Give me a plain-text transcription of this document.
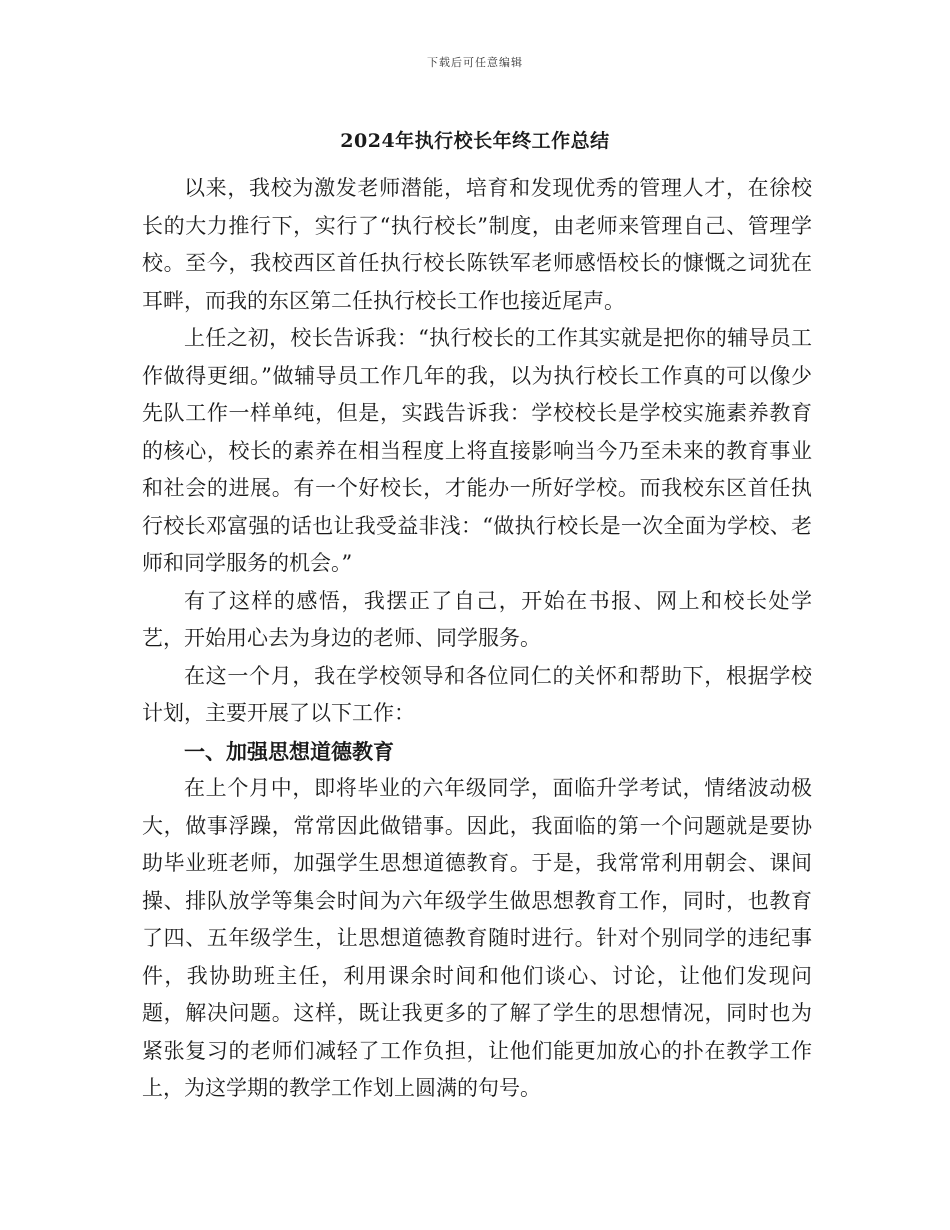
下载后可任意编辑
2024年执行校长年终工作总结

以来，我校为激发老师潜能，培育和发现优秀的管理人才，在徐校长的大力推行下，实行了“执行校长”制度，由老师来管理自己、管理学校。至今，我校西区首任执行校长陈铁军老师感悟校长的慷慨之词犹在耳畔，而我的东区第二任执行校长工作也接近尾声。

上任之初，校长告诉我：“执行校长的工作其实就是把你的辅导员工作做得更细。”做辅导员工作几年的我，以为执行校长工作真的可以像少先队工作一样单纯，但是，实践告诉我：学校校长是学校实施素养教育的核心，校长的素养在相当程度上将直接影响当今乃至未来的教育事业和社会的进展。有一个好校长，才能办一所好学校。而我校东区首任执行校长邓富强的话也让我受益非浅：“做执行校长是一次全面为学校、老师和同学服务的机会。”

有了这样的感悟，我摆正了自己，开始在书报、网上和校长处学艺，开始用心去为身边的老师、同学服务。

在这一个月，我在学校领导和各位同仁的关怀和帮助下，根据学校计划，主要开展了以下工作：

一、加强思想道德教育

在上个月中，即将毕业的六年级同学，面临升学考试，情绪波动极大，做事浮躁，常常因此做错事。因此，我面临的第一个问题就是要协助毕业班老师，加强学生思想道德教育。于是，我常常利用朝会、课间操、排队放学等集会时间为六年级学生做思想教育工作，同时，也教育了四、五年级学生，让思想道德教育随时进行。针对个别同学的违纪事件，我协助班主任，利用课余时间和他们谈心、讨论，让他们发现问题，解决问题。这样，既让我更多的了解了学生的思想情况，同时也为紧张复习的老师们减轻了工作负担，让他们能更加放心的扑在教学工作上，为这学期的教学工作划上圆满的句号。
